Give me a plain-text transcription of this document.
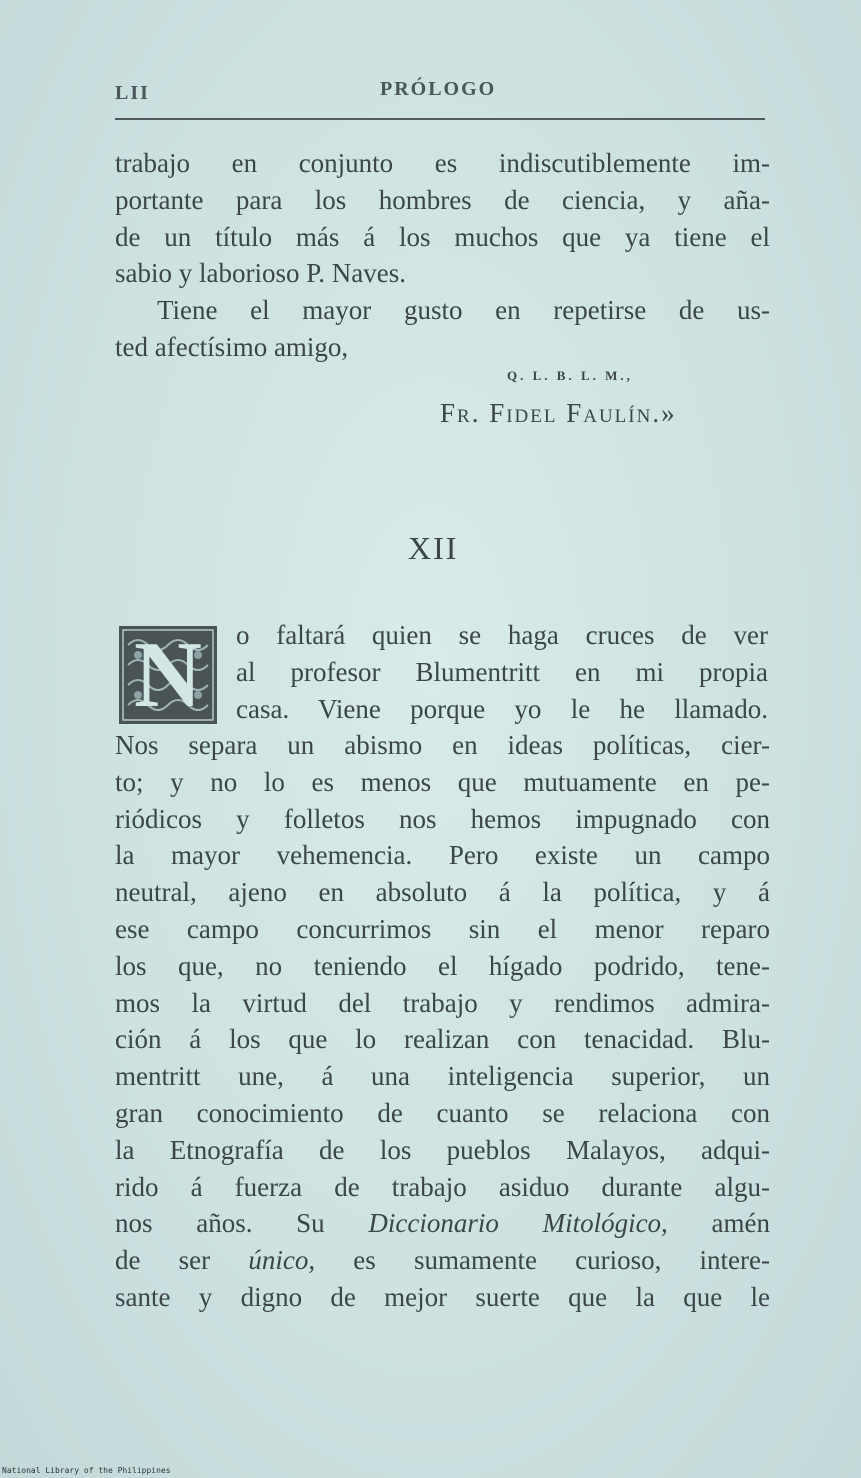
LII	PRÓLOGO
trabajo en conjunto es indiscutiblemente im-
portante para los hombres de ciencia, y aña-
de un título más á los muchos que ya tiene el
sabio y laborioso P. Naves.
Tiene el mayor gusto en repetirse de us-
ted afectísimo amigo,
Q. L. B. L. M.,
Fr. Fidel Faulín.»
XII
N	o faltará quien se haga cruces de ver
al profesor Blumentritt en mi propia
casa. Viene porque yo le he llamado.
Nos separa un abismo en ideas políticas, cier-
to; y no lo es menos que mutuamente en pe-
riódicos y folletos nos hemos impugnado con
la mayor vehemencia. Pero existe un campo
neutral, ajeno en absoluto á la política, y á
ese campo concurrimos sin el menor reparo
los que, no teniendo el hígado podrido, tene-
mos la virtud del trabajo y rendimos admira-
ción á los que lo realizan con tenacidad. Blu-
mentritt une, á una inteligencia superior, un
gran conocimiento de cuanto se relaciona con
la Etnografía de los pueblos Malayos, adqui-
rido á fuerza de trabajo asiduo durante algu-
nos años. Su Diccionario Mitológico, amén
de ser único, es sumamente curioso, intere-
sante y digno de mejor suerte que la que le
National Library of the Philippines
